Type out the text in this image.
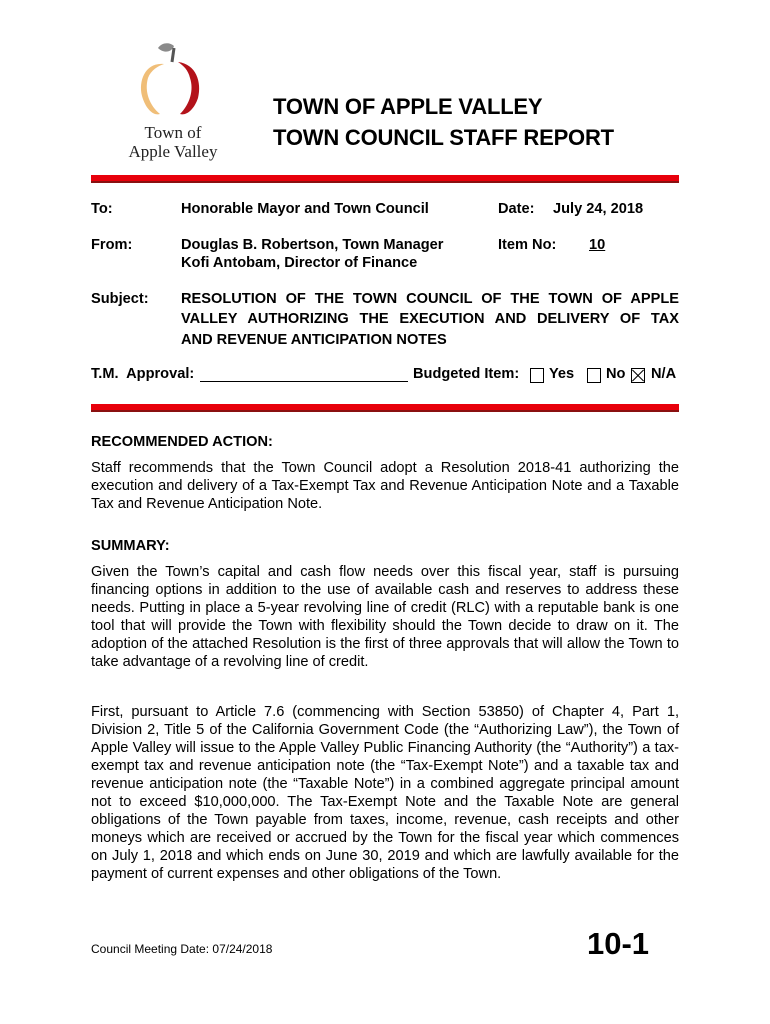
Town of
Apple Valley
TOWN OF APPLE VALLEY
TOWN COUNCIL STAFF REPORT
To:	Honorable Mayor and Town Council	Date: July 24, 2018
From:	Douglas B. Robertson, Town Manager
Kofi Antobam, Director of Finance
Item No: 10
Subject: RESOLUTION OF THE TOWN COUNCIL OF THE TOWN OF APPLE
VALLEY AUTHORIZING THE EXECUTION AND DELIVERY OF TAX
AND REVENUE ANTICIPATION NOTES
T.M.  Approval:	Budgeted Item: Yes No N/A
RECOMMENDED ACTION:
Staff recommends that the Town Council adopt a Resolution 2018-41 authorizing the execution and delivery of a Tax-Exempt Tax and Revenue Anticipation Note and a Taxable Tax and Revenue Anticipation Note.
SUMMARY:
Given the Town’s capital and cash flow needs over this fiscal year, staff is pursuing financing options in addition to the use of available cash and reserves to address these needs. Putting in place a 5-year revolving line of credit (RLC) with a reputable bank is one tool that will provide the Town with flexibility should the Town decide to draw on it. The adoption of the attached Resolution is the first of three approvals that will allow the Town to take advantage of a revolving line of credit.
First, pursuant to Article 7.6 (commencing with Section 53850) of Chapter 4, Part 1, Division 2, Title 5 of the California Government Code (the “Authorizing Law”), the Town of Apple Valley will issue to the Apple Valley Public Financing Authority (the “Authority”) a tax-exempt tax and revenue anticipation note (the “Tax-Exempt Note”) and a taxable tax and revenue anticipation note (the “Taxable Note”) in a combined aggregate principal amount not to exceed $10,000,000. The Tax-Exempt Note and the Taxable Note are general obligations of the Town payable from taxes, income, revenue, cash receipts and other moneys which are received or accrued by the Town for the fiscal year which commences on July 1, 2018 and which ends on June 30, 2019 and which are lawfully available for the payment of current expenses and other obligations of the Town.
Council Meeting Date: 07/24/2018	10-1
